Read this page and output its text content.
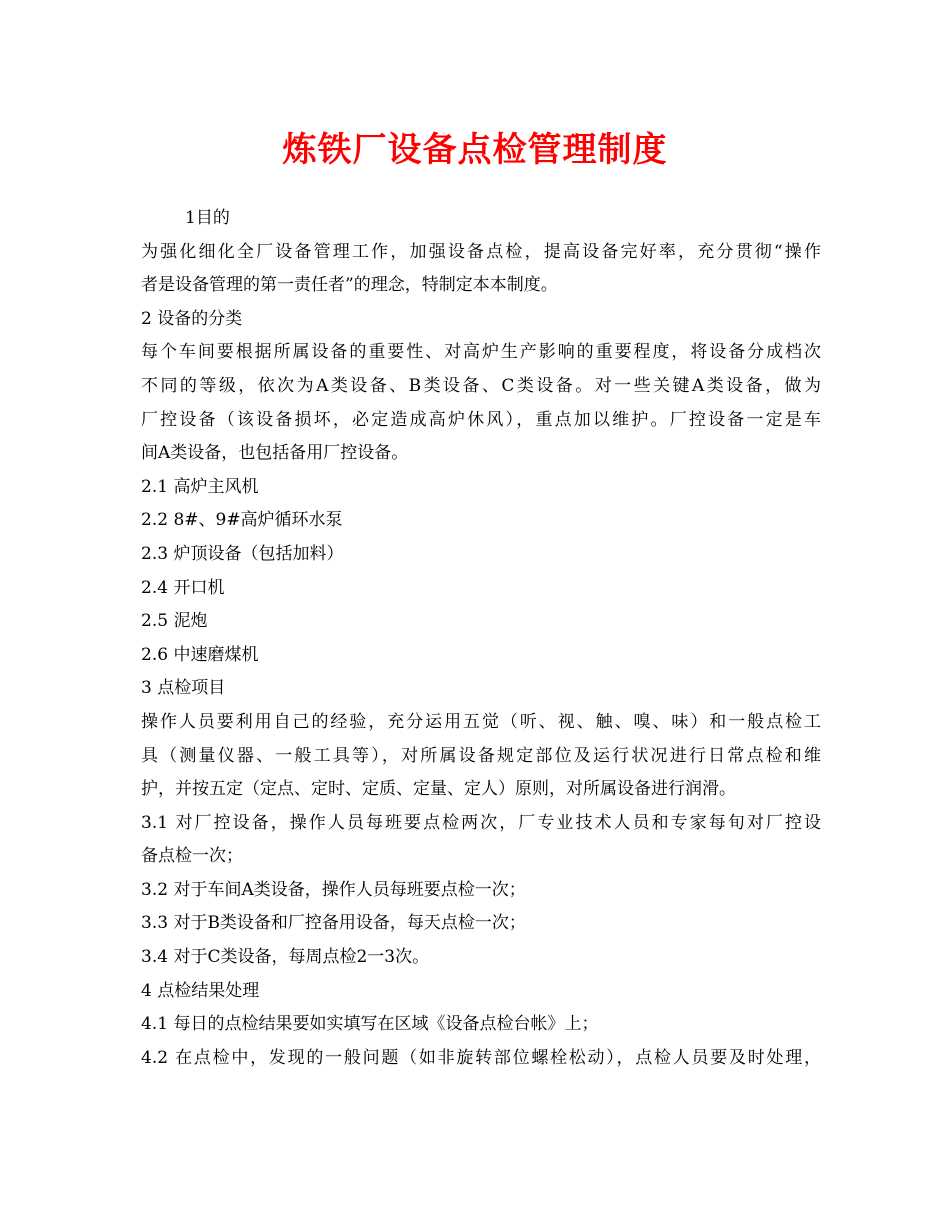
炼铁厂设备点检管理制度
1目的
为强化细化全厂设备管理工作，加强设备点检，提高设备完好率，充分贯彻“操作
者是设备管理的第一责任者”的理念，特制定本本制度。
2 设备的分类
每个车间要根据所属设备的重要性、对高炉生产影响的重要程度，将设备分成档次
不同的等级，依次为A类设备、B类设备、C类设备。对一些关键A类设备，做为
厂控设备（该设备损坏，必定造成高炉休风），重点加以维护。厂控设备一定是车
间A类设备，也包括备用厂控设备。
2.1 高炉主风机
2.2 8#、9#高炉循环水泵
2.3 炉顶设备（包括加料）
2.4 开口机
2.5 泥炮
2.6 中速磨煤机
3 点检项目
操作人员要利用自己的经验，充分运用五觉（听、视、触、嗅、味）和一般点检工
具（测量仪器、一般工具等），对所属设备规定部位及运行状况进行日常点检和维
护，并按五定（定点、定时、定质、定量、定人）原则，对所属设备进行润滑。
3.1 对厂控设备，操作人员每班要点检两次，厂专业技术人员和专家每旬对厂控设
备点检一次；
3.2 对于车间A类设备，操作人员每班要点检一次；
3.3 对于B类设备和厂控备用设备，每天点检一次；
3.4 对于C类设备，每周点检2一3次。
4 点检结果处理
4.1 每日的点检结果要如实填写在区域《设备点检台帐》上；
4.2 在点检中，发现的一般问题（如非旋转部位螺栓松动），点检人员要及时处理，
